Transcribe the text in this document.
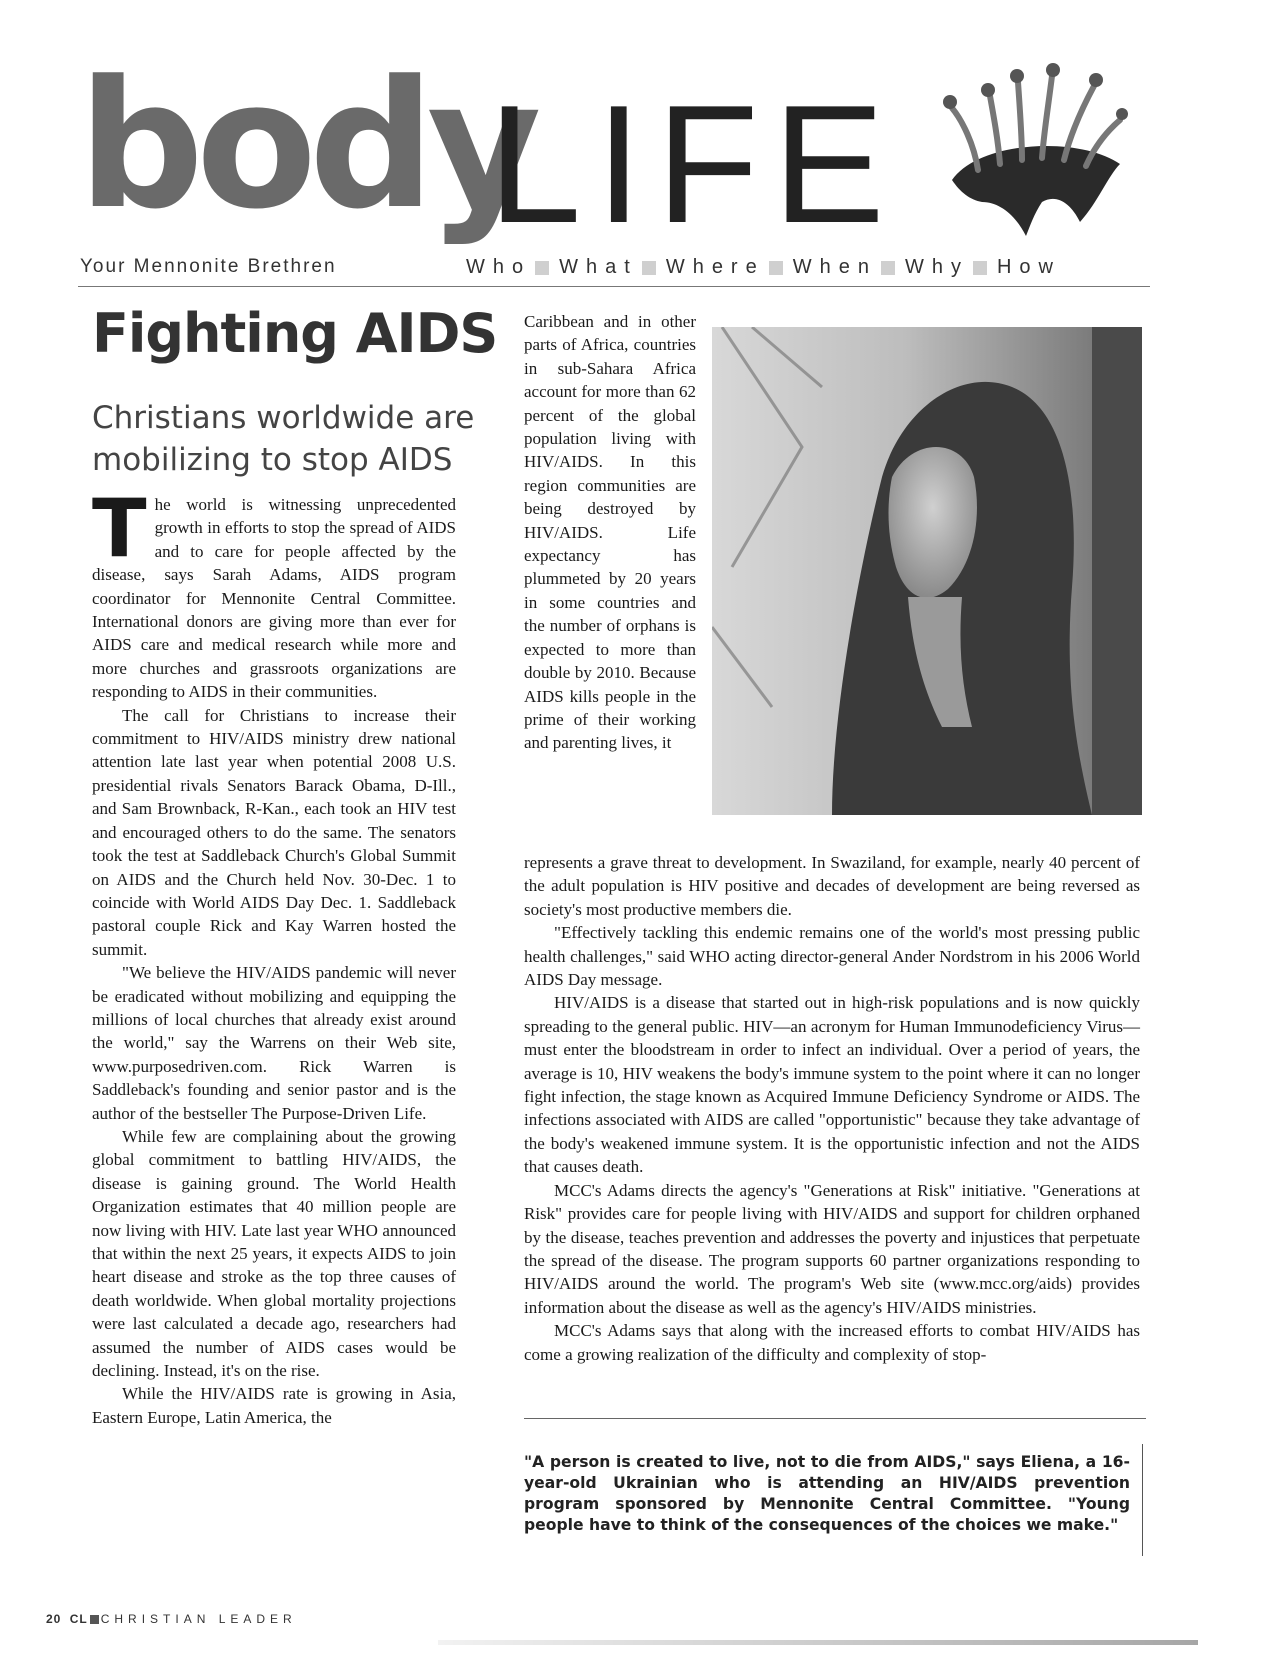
body
LIFE
Your Mennonite Brethren	Who What Where When Why How
Fighting AIDS
Christians worldwide are mobilizing to stop AIDS

The world is witnessing unprecedented growth in efforts to stop the spread of AIDS and to care for people affected by the disease, says Sarah Adams, AIDS program coordinator for Mennonite Central Committee. International donors are giving more than ever for AIDS care and medical research while more and more churches and grassroots organizations are responding to AIDS in their communities.

The call for Christians to increase their commitment to HIV/AIDS ministry drew national attention late last year when potential 2008 U.S. presidential rivals Senators Barack Obama, D-Ill., and Sam Brownback, R-Kan., each took an HIV test and encouraged others to do the same. The senators took the test at Saddleback Church's Global Summit on AIDS and the Church held Nov. 30-Dec. 1 to coincide with World AIDS Day Dec. 1. Saddleback pastoral couple Rick and Kay Warren hosted the summit.

"We believe the HIV/AIDS pandemic will never be eradicated without mobilizing and equipping the millions of local churches that already exist around the world," say the Warrens on their Web site, www.purposedriven.com. Rick Warren is Saddleback's founding and senior pastor and is the author of the bestseller The Purpose-Driven Life.

While few are complaining about the growing global commitment to battling HIV/AIDS, the disease is gaining ground. The World Health Organization estimates that 40 million people are now living with HIV. Late last year WHO announced that within the next 25 years, it expects AIDS to join heart disease and stroke as the top three causes of death worldwide. When global mortality projections were last calculated a decade ago, researchers had assumed the number of AIDS cases would be declining. Instead, it's on the rise.

While the HIV/AIDS rate is growing in Asia, Eastern Europe, Latin America, the

Caribbean and in other parts of Africa, countries in sub-Sahara Africa account for more than 62 percent of the global population living with HIV/AIDS. In this region communities are being destroyed by HIV/AIDS. Life expectancy has plummeted by 20 years in some countries and the number of orphans is expected to more than double by 2010. Because AIDS kills people in the prime of their working and parenting lives, it

represents a grave threat to development. In Swaziland, for example, nearly 40 percent of the adult population is HIV positive and decades of development are being reversed as society's most productive members die.

"Effectively tackling this endemic remains one of the world's most pressing public health challenges," said WHO acting director-general Ander Nordstrom in his 2006 World AIDS Day message.

HIV/AIDS is a disease that started out in high-risk populations and is now quickly spreading to the general public. HIV—an acronym for Human Immunodeficiency Virus—must enter the bloodstream in order to infect an individual. Over a period of years, the average is 10, HIV weakens the body's immune system to the point where it can no longer fight infection, the stage known as Acquired Immune Deficiency Syndrome or AIDS. The infections associated with AIDS are called "opportunistic" because they take advantage of the body's weakened immune system. It is the opportunistic infection and not the AIDS that causes death.

MCC's Adams directs the agency's "Generations at Risk" initiative. "Generations at Risk" provides care for people living with HIV/AIDS and support for children orphaned by the disease, teaches prevention and addresses the poverty and injustices that perpetuate the spread of the disease. The program supports 60 partner organizations responding to HIV/AIDS around the world. The program's Web site (www.mcc.org/aids) provides information about the disease as well as the agency's HIV/AIDS ministries.

MCC's Adams says that along with the increased efforts to combat HIV/AIDS has come a growing realization of the difficulty and complexity of stop-

"A person is created to live, not to die from AIDS," says Eliena, a 16-year-old Ukrainian who is attending an HIV/AIDS prevention program sponsored by Mennonite Central Committee. "Young people have to think of the consequences of the choices we make."
20 CL CHRISTIAN LEADER
